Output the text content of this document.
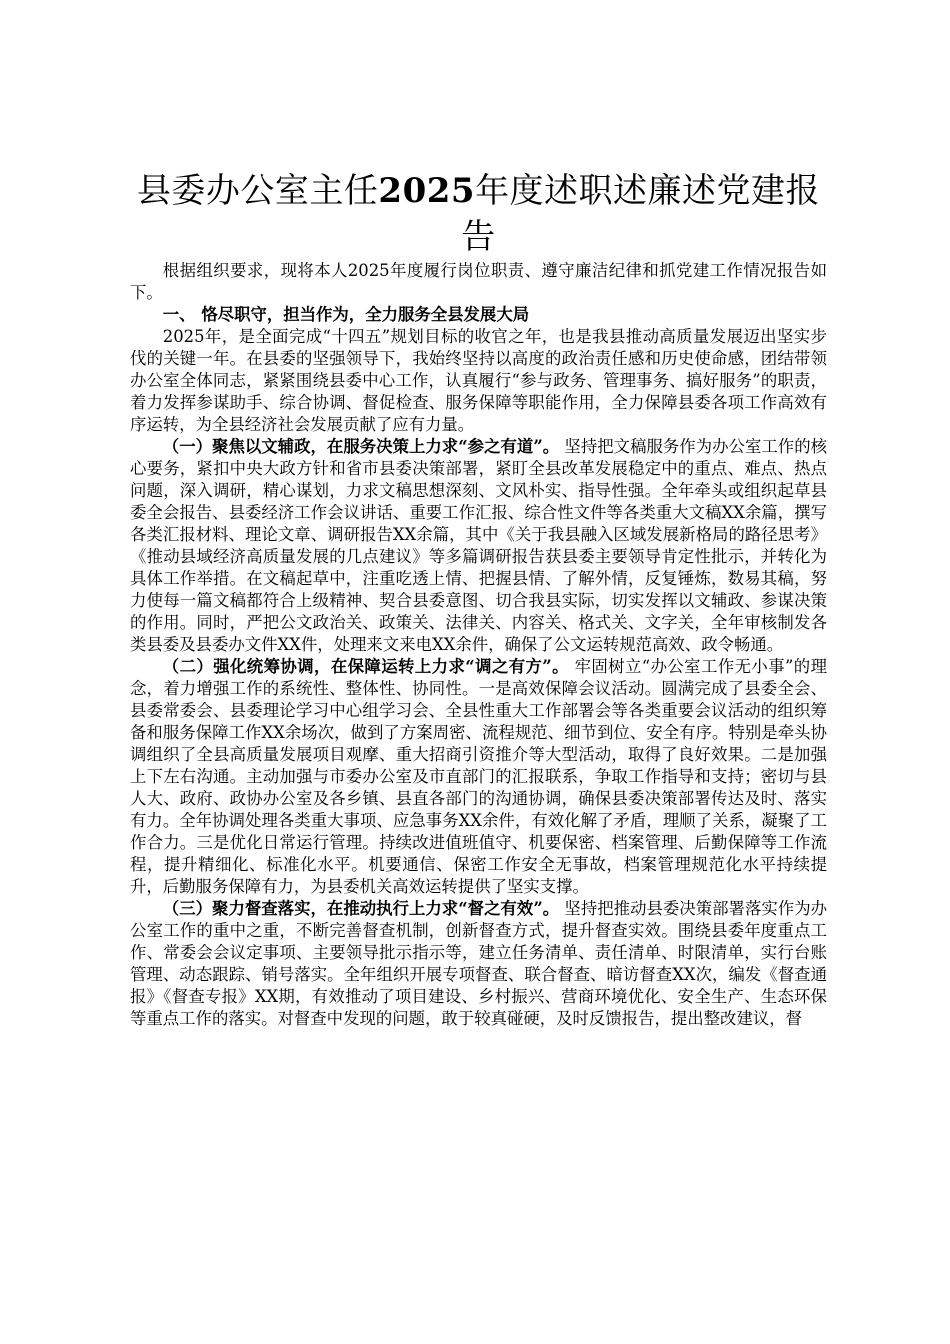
县委办公室主任2025年度述职述廉述党建报告

根据组织要求，现将本人2025年度履行岗位职责、遵守廉洁纪律和抓党建工作情况报告如下。

一、 恪尽职守，担当作为，全力服务全县发展大局

2025年，是全面完成“十四五”规划目标的收官之年，也是我县推动高质量发展迈出坚实步伐的关键一年。在县委的坚强领导下，我始终坚持以高度的政治责任感和历史使命感，团结带领办公室全体同志，紧紧围绕县委中心工作，认真履行“参与政务、管理事务、搞好服务”的职责，着力发挥参谋助手、综合协调、督促检查、服务保障等职能作用，全力保障县委各项工作高效有序运转，为全县经济社会发展贡献了应有力量。

（一）聚焦以文辅政，在服务决策上力求“参之有道”。 坚持把文稿服务作为办公室工作的核心要务，紧扣中央大政方针和省市县委决策部署，紧盯全县改革发展稳定中的重点、难点、热点问题，深入调研，精心谋划，力求文稿思想深刻、文风朴实、指导性强。全年牵头或组织起草县委全会报告、县委经济工作会议讲话、重要工作汇报、综合性文件等各类重大文稿XX余篇，撰写各类汇报材料、理论文章、调研报告XX余篇，其中《关于我县融入区域发展新格局的路径思考》《推动县域经济高质量发展的几点建议》等多篇调研报告获县委主要领导肯定性批示，并转化为具体工作举措。在文稿起草中，注重吃透上情、把握县情、了解外情，反复锤炼，数易其稿，努力使每一篇文稿都符合上级精神、契合县委意图、切合我县实际，切实发挥以文辅政、参谋决策的作用。同时，严把公文政治关、政策关、法律关、内容关、格式关、文字关，全年审核制发各类县委及县委办文件XX件，处理来文来电XX余件，确保了公文运转规范高效、政令畅通。

（二）强化统筹协调，在保障运转上力求“调之有方”。 牢固树立“办公室工作无小事”的理念，着力增强工作的系统性、整体性、协同性。一是高效保障会议活动。圆满完成了县委全会、县委常委会、县委理论学习中心组学习会、全县性重大工作部署会等各类重要会议活动的组织筹备和服务保障工作XX余场次，做到了方案周密、流程规范、细节到位、安全有序。特别是牵头协调组织了全县高质量发展项目观摩、重大招商引资推介等大型活动，取得了良好效果。二是加强上下左右沟通。主动加强与市委办公室及市直部门的汇报联系，争取工作指导和支持；密切与县人大、政府、政协办公室及各乡镇、县直各部门的沟通协调，确保县委决策部署传达及时、落实有力。全年协调处理各类重大事项、应急事务XX余件，有效化解了矛盾，理顺了关系，凝聚了工作合力。三是优化日常运行管理。持续改进值班值守、机要保密、档案管理、后勤保障等工作流程，提升精细化、标准化水平。机要通信、保密工作安全无事故，档案管理规范化水平持续提升，后勤服务保障有力，为县委机关高效运转提供了坚实支撑。

（三）聚力督查落实，在推动执行上力求“督之有效”。 坚持把推动县委决策部署落实作为办公室工作的重中之重，不断完善督查机制，创新督查方式，提升督查实效。围绕县委年度重点工作、常委会会议定事项、主要领导批示指示等，建立任务清单、责任清单、时限清单，实行台账管理、动态跟踪、销号落实。全年组织开展专项督查、联合督查、暗访督查XX次，编发《督查通报》《督查专报》XX期，有效推动了项目建设、乡村振兴、营商环境优化、安全生产、生态环保等重点工作的落实。对督查中发现的问题，敢于较真碰硬，及时反馈报告，提出整改建议，督
